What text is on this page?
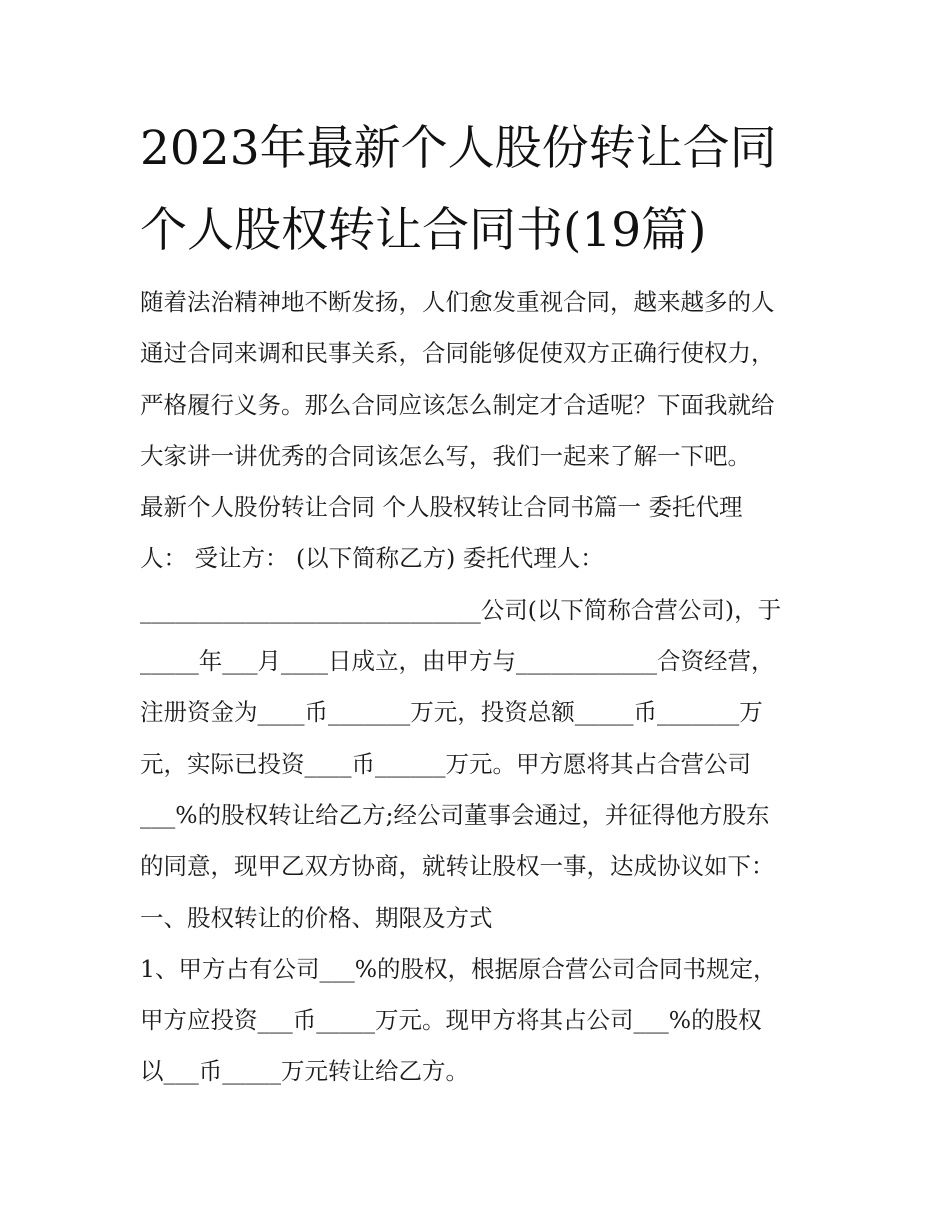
2023年最新个人股份转让合同
个人股权转让合同书(19篇)
随着法治精神地不断发扬，人们愈发重视合同，越来越多的人
通过合同来调和民事关系，合同能够促使双方正确行使权力，
严格履行义务。那么合同应该怎么制定才合适呢？下面我就给
大家讲一讲优秀的合同该怎么写，我们一起来了解一下吧。
最新个人股份转让合同 个人股权转让合同书篇一 委托代理
人： 受让方： (以下简称乙方) 委托代理人：
_____________________________公司(以下简称合营公司)，于
_____年___月____日成立，由甲方与____________合资经营，
注册资金为____币_______万元，投资总额_____币_______万
元，实际已投资____币______万元。甲方愿将其占合营公司
___%的股权转让给乙方;经公司董事会通过，并征得他方股东
的同意，现甲乙双方协商，就转让股权一事，达成协议如下：
一、股权转让的价格、期限及方式
1、甲方占有公司___%的股权，根据原合营公司合同书规定，
甲方应投资___币_____万元。现甲方将其占公司___%的股权
以___币_____万元转让给乙方。
